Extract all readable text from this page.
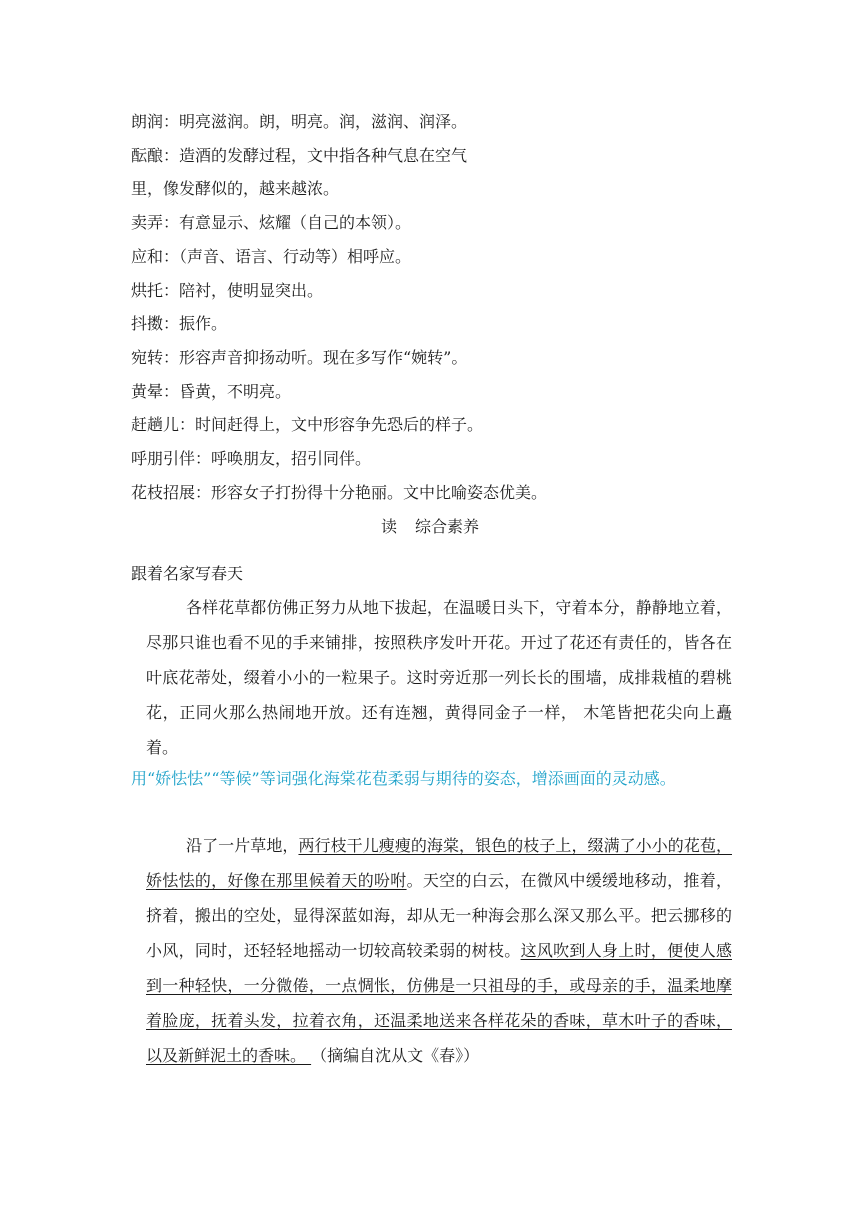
朗润：明亮滋润。朗，明亮。润，滋润、润泽。
酝酿：造酒的发酵过程，文中指各种气息在空气
里，像发酵似的，越来越浓。
卖弄：有意显示、炫耀（自己的本领）。
应和：（声音、语言、行动等）相呼应。
烘托：陪衬，使明显突出。
抖擞：振作。
宛转：形容声音抑扬动听。现在多写作“婉转”。
黄晕：昏黄，不明亮。
赶趟儿：时间赶得上，文中形容争先恐后的样子。
呼朋引伴：呼唤朋友，招引同伴。
花枝招展：形容女子打扮得十分艳丽。文中比喻姿态优美。
读 综合素养
跟着名家写春天
各样花草都仿佛正努力从地下拔起，在温暖日头下，守着本分，静静地立着，尽那只谁也看不见的手来铺排，按照秩序发叶开花。开过了花还有责任的，皆各在叶底花蒂处，缀着小小的一粒果子。这时旁近那一列长长的围墙，成排栽植的碧桃花，正同火那么热闹地开放。还有连翘，黄得同金子一样， 木笔皆把花尖向上矗着。
用“娇怯怯”“等候”等词强化海棠花苞柔弱与期待的姿态，增添画面的灵动感。
沿了一片草地，两行枝干儿瘦瘦的海棠，银色的枝子上，缀满了小小的花苞，娇怯怯的，好像在那里候着天的吩咐。天空的白云，在微风中缓缓地移动，推着，挤着，搬出的空处，显得深蓝如海，却从无一种海会那么深又那么平。把云挪移的小风，同时，还轻轻地摇动一切较高较柔弱的树枝。这风吹到人身上时，便使人感到一种轻快，一分微倦，一点惆怅，仿佛是一只祖母的手，或母亲的手，温柔地摩着脸庞，抚着头发，拉着衣角，还温柔地送来各样花朵的香味，草木叶子的香味，以及新鲜泥土的香味。 （摘编自沈从文《春》）
